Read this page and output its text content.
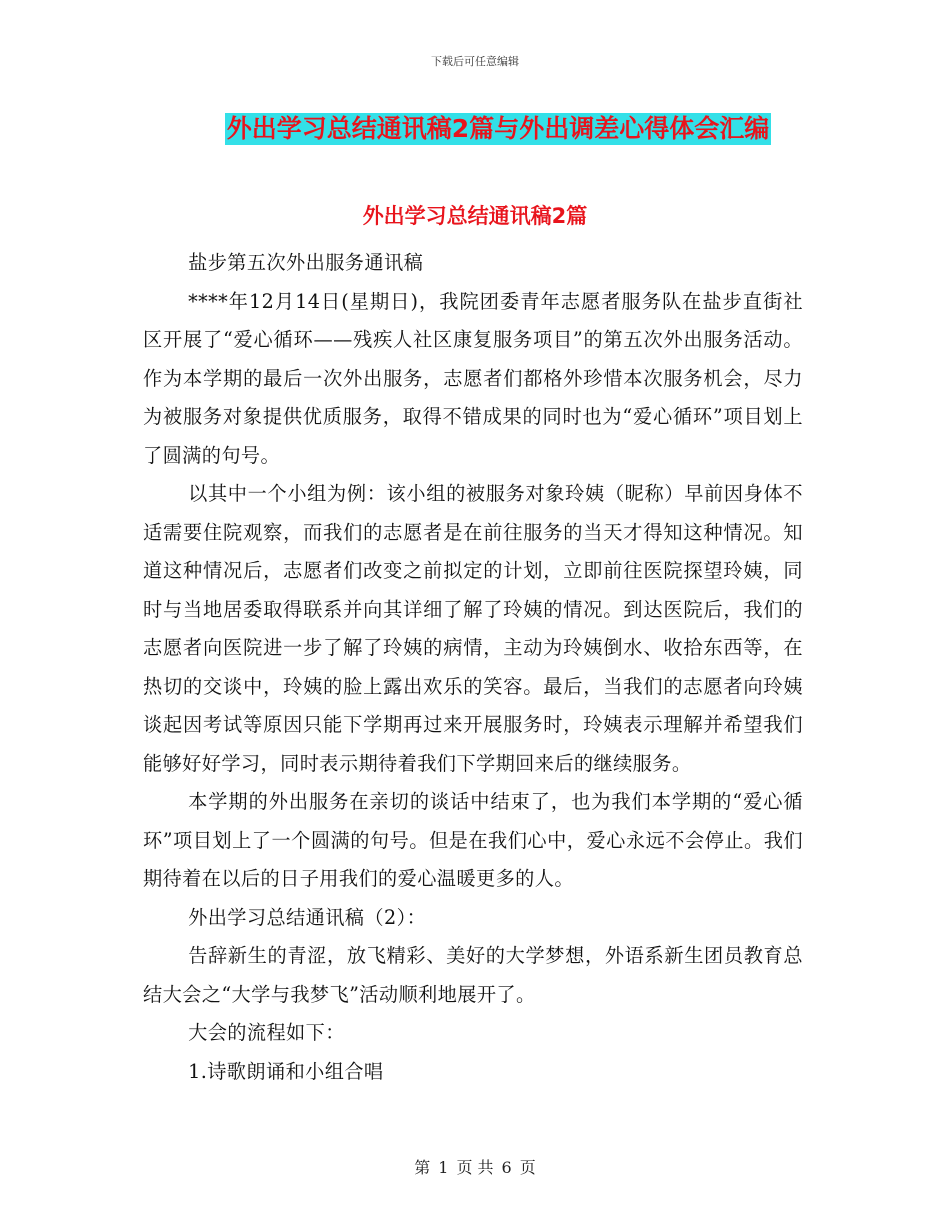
下载后可任意编辑
外出学习总结通讯稿2篇与外出调差心得体会汇编
外出学习总结通讯稿2篇

盐步第五次外出服务通讯稿

****年12月14日(星期日)，我院团委青年志愿者服务队在盐步直街社区开展了“爱心循环——残疾人社区康复服务项目”的第五次外出服务活动。作为本学期的最后一次外出服务，志愿者们都格外珍惜本次服务机会，尽力为被服务对象提供优质服务，取得不错成果的同时也为“爱心循环”项目划上了圆满的句号。

以其中一个小组为例：该小组的被服务对象玲姨（昵称）早前因身体不适需要住院观察，而我们的志愿者是在前往服务的当天才得知这种情况。知道这种情况后，志愿者们改变之前拟定的计划，立即前往医院探望玲姨，同时与当地居委取得联系并向其详细了解了玲姨的情况。到达医院后，我们的志愿者向医院进一步了解了玲姨的病情，主动为玲姨倒水、收拾东西等，在热切的交谈中，玲姨的脸上露出欢乐的笑容。最后，当我们的志愿者向玲姨谈起因考试等原因只能下学期再过来开展服务时，玲姨表示理解并希望我们能够好好学习，同时表示期待着我们下学期回来后的继续服务。

本学期的外出服务在亲切的谈话中结束了，也为我们本学期的“爱心循环”项目划上了一个圆满的句号。但是在我们心中，爱心永远不会停止。我们期待着在以后的日子用我们的爱心温暖更多的人。

外出学习总结通讯稿（2）：

告辞新生的青涩，放飞精彩、美好的大学梦想，外语系新生团员教育总结大会之“大学与我梦飞”活动顺利地展开了。

大会的流程如下：

1.诗歌朗诵和小组合唱

第 1 页 共 6 页
